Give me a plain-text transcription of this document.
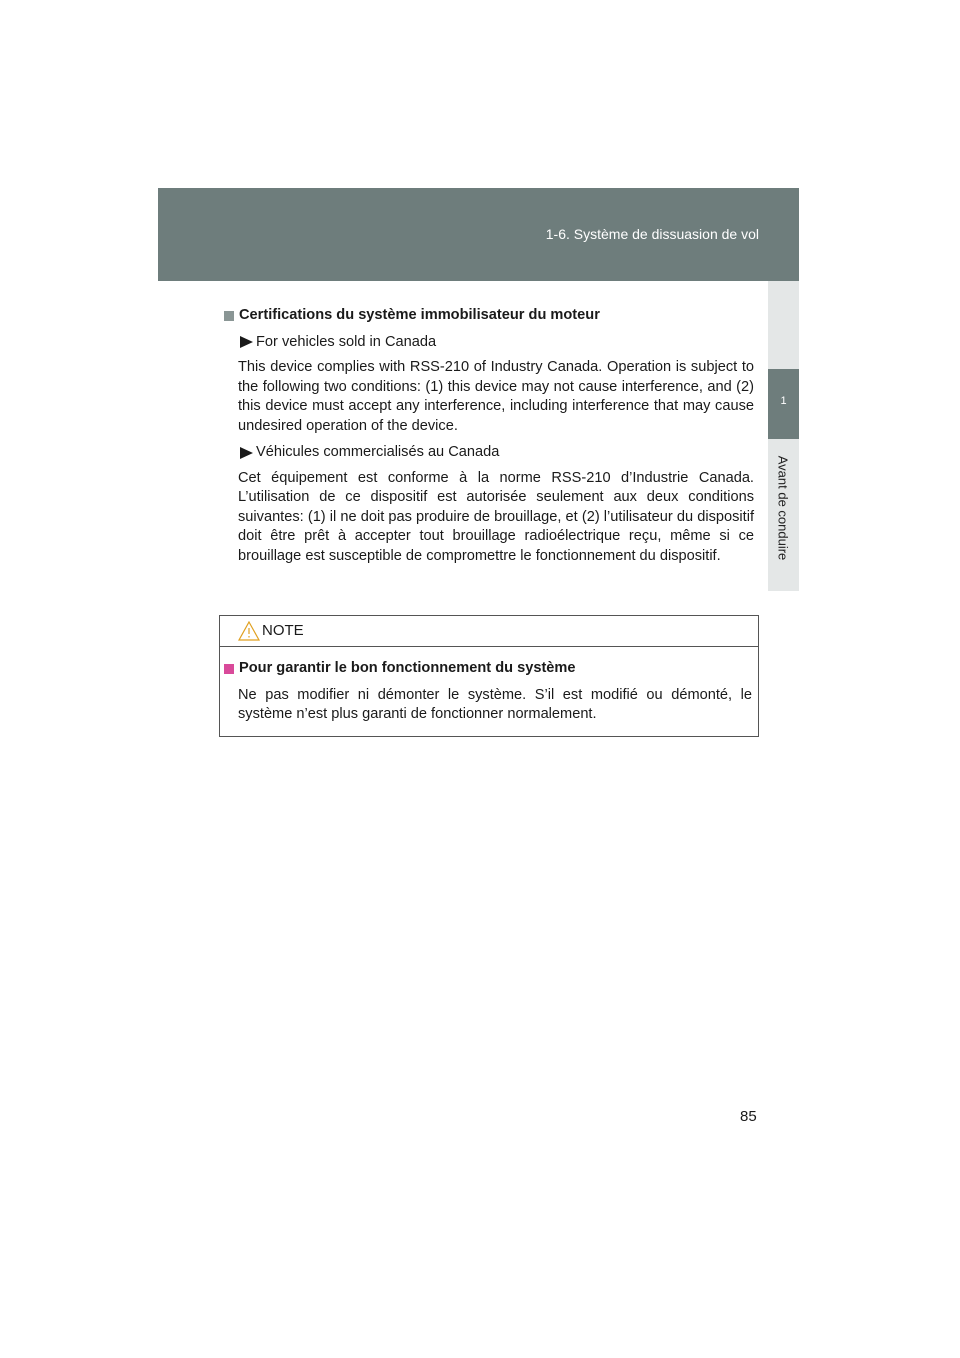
1-6. Système de dissuasion de vol
1
Avant de conduire
Certifications du système immobilisateur du moteur
For vehicles sold in Canada
This device complies with RSS-210 of Industry Canada. Operation is subject to the following two conditions: (1) this device may not cause interference, and (2) this device must accept any interference, including interference that may cause undesired operation of the device.
Véhicules commercialisés au Canada
Cet équipement est conforme à la norme RSS-210 d’Industrie Canada. L’utilisation de ce dispositif est autorisée seulement aux deux conditions suivantes: (1) il ne doit pas produire de brouillage, et (2) l’utilisateur du dispositif doit être prêt à accepter tout brouillage radioélectrique reçu, même si ce brouillage est susceptible de compromettre le fonctionnement du dispositif.
NOTE
Pour garantir le bon fonctionnement du système
Ne pas modifier ni démonter le système. S’il est modifié ou démonté, le système n’est plus garanti de fonctionner normalement.
85
